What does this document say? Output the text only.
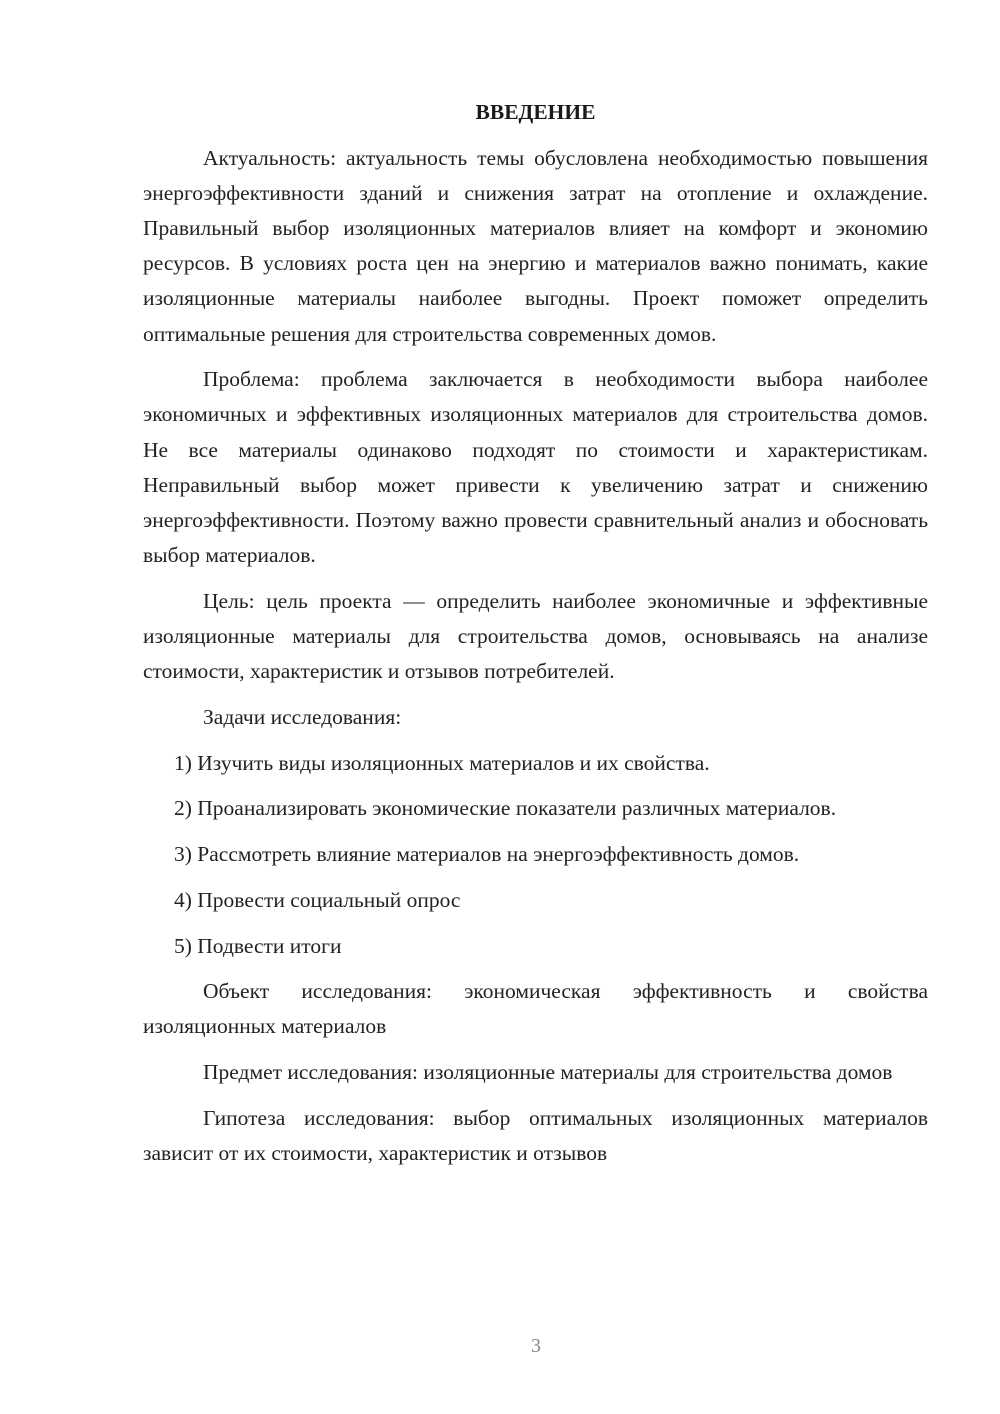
ВВЕДЕНИЕ

Актуальность: актуальность темы обусловлена необходимостью повышения энергоэффективности зданий и снижения затрат на отопление и охлаждение. Правильный выбор изоляционных материалов влияет на комфорт и экономию ресурсов. В условиях роста цен на энергию и материалов важно понимать, какие изоляционные материалы наиболее выгодны. Проект поможет определить оптимальные решения для строительства современных домов.

Проблема: проблема заключается в необходимости выбора наиболее экономичных и эффективных изоляционных материалов для строительства домов. Не все материалы одинаково подходят по стоимости и характеристикам. Неправильный выбор может привести к увеличению затрат и снижению энергоэффективности. Поэтому важно провести сравнительный анализ и обосновать выбор материалов.

Цель: цель проекта — определить наиболее экономичные и эффективные изоляционные материалы для строительства домов, основываясь на анализе стоимости, характеристик и отзывов потребителей.

Задачи исследования:

1) Изучить виды изоляционных материалов и их свойства.

2) Проанализировать экономические показатели различных материалов.

3) Рассмотреть влияние материалов на энергоэффективность домов.

4) Провести социальный опрос

5) Подвести итоги

Объект исследования: экономическая эффективность и свойства изоляционных материалов

Предмет исследования: изоляционные материалы для строительства домов

Гипотеза исследования: выбор оптимальных изоляционных материалов зависит от их стоимости, характеристик и отзывов

3
